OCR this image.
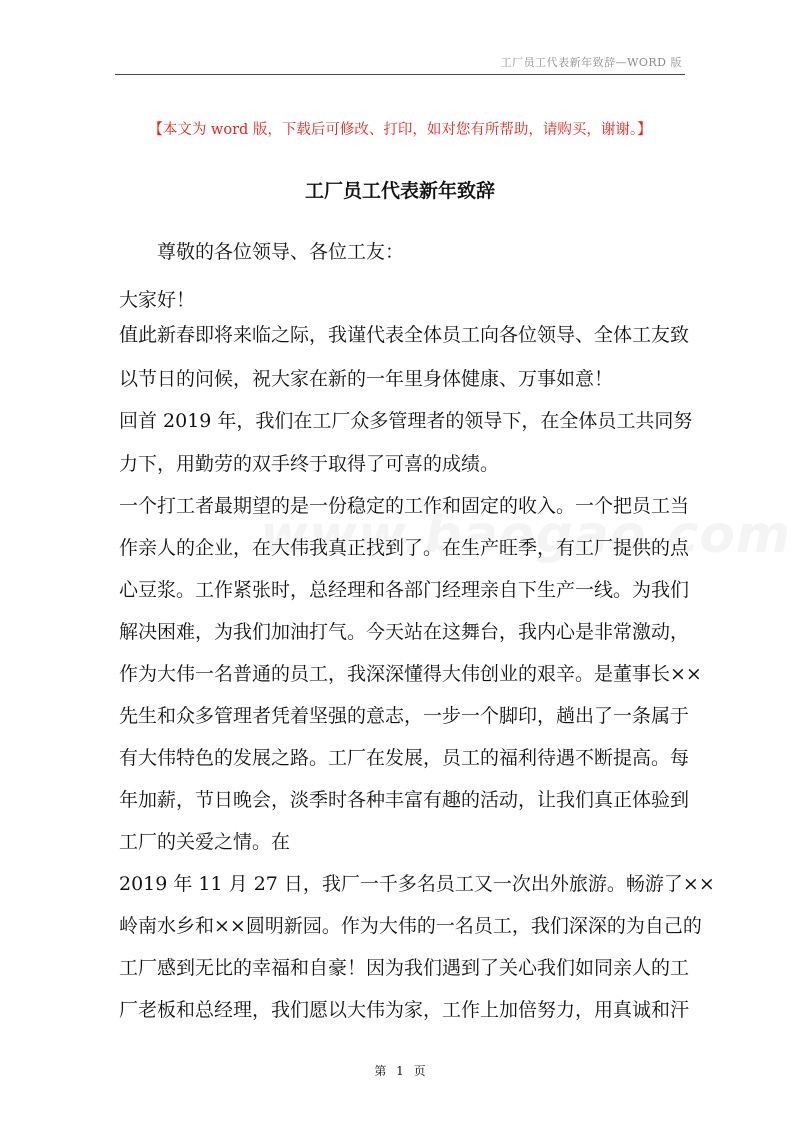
工厂员工代表新年致辞—WORD 版
【本文为 word 版，下载后可修改、打印，如对您有所帮助，请购买，谢谢。】
工厂员工代表新年致辞
　　尊敬的各位领导、各位工友：
大家好！
值此新春即将来临之际，我谨代表全体员工向各位领导、全体工友致
以节日的问候，祝大家在新的一年里身体健康、万事如意！
回首 2019 年，我们在工厂众多管理者的领导下，在全体员工共同努
力下，用勤劳的双手终于取得了可喜的成绩。
一个打工者最期望的是一份稳定的工作和固定的收入。一个把员工当
作亲人的企业，在大伟我真正找到了。在生产旺季，有工厂提供的点
心豆浆。工作紧张时，总经理和各部门经理亲自下生产一线。为我们
解决困难，为我们加油打气。今天站在这舞台，我内心是非常激动，
作为大伟一名普通的员工，我深深懂得大伟创业的艰辛。是董事长××
先生和众多管理者凭着坚强的意志，一步一个脚印，趟出了一条属于
有大伟特色的发展之路。工厂在发展，员工的福利待遇不断提高。每
年加薪，节日晚会，淡季时各种丰富有趣的活动，让我们真正体验到
工厂的关爱之情。在
2019 年 11 月 27 日，我厂一千多名员工又一次出外旅游。畅游了××
岭南水乡和××圆明新园。作为大伟的一名员工，我们深深的为自己的
工厂感到无比的幸福和自豪！因为我们遇到了关心我们如同亲人的工
厂老板和总经理，我们愿以大伟为家，工作上加倍努力，用真诚和汗
第 1 页
